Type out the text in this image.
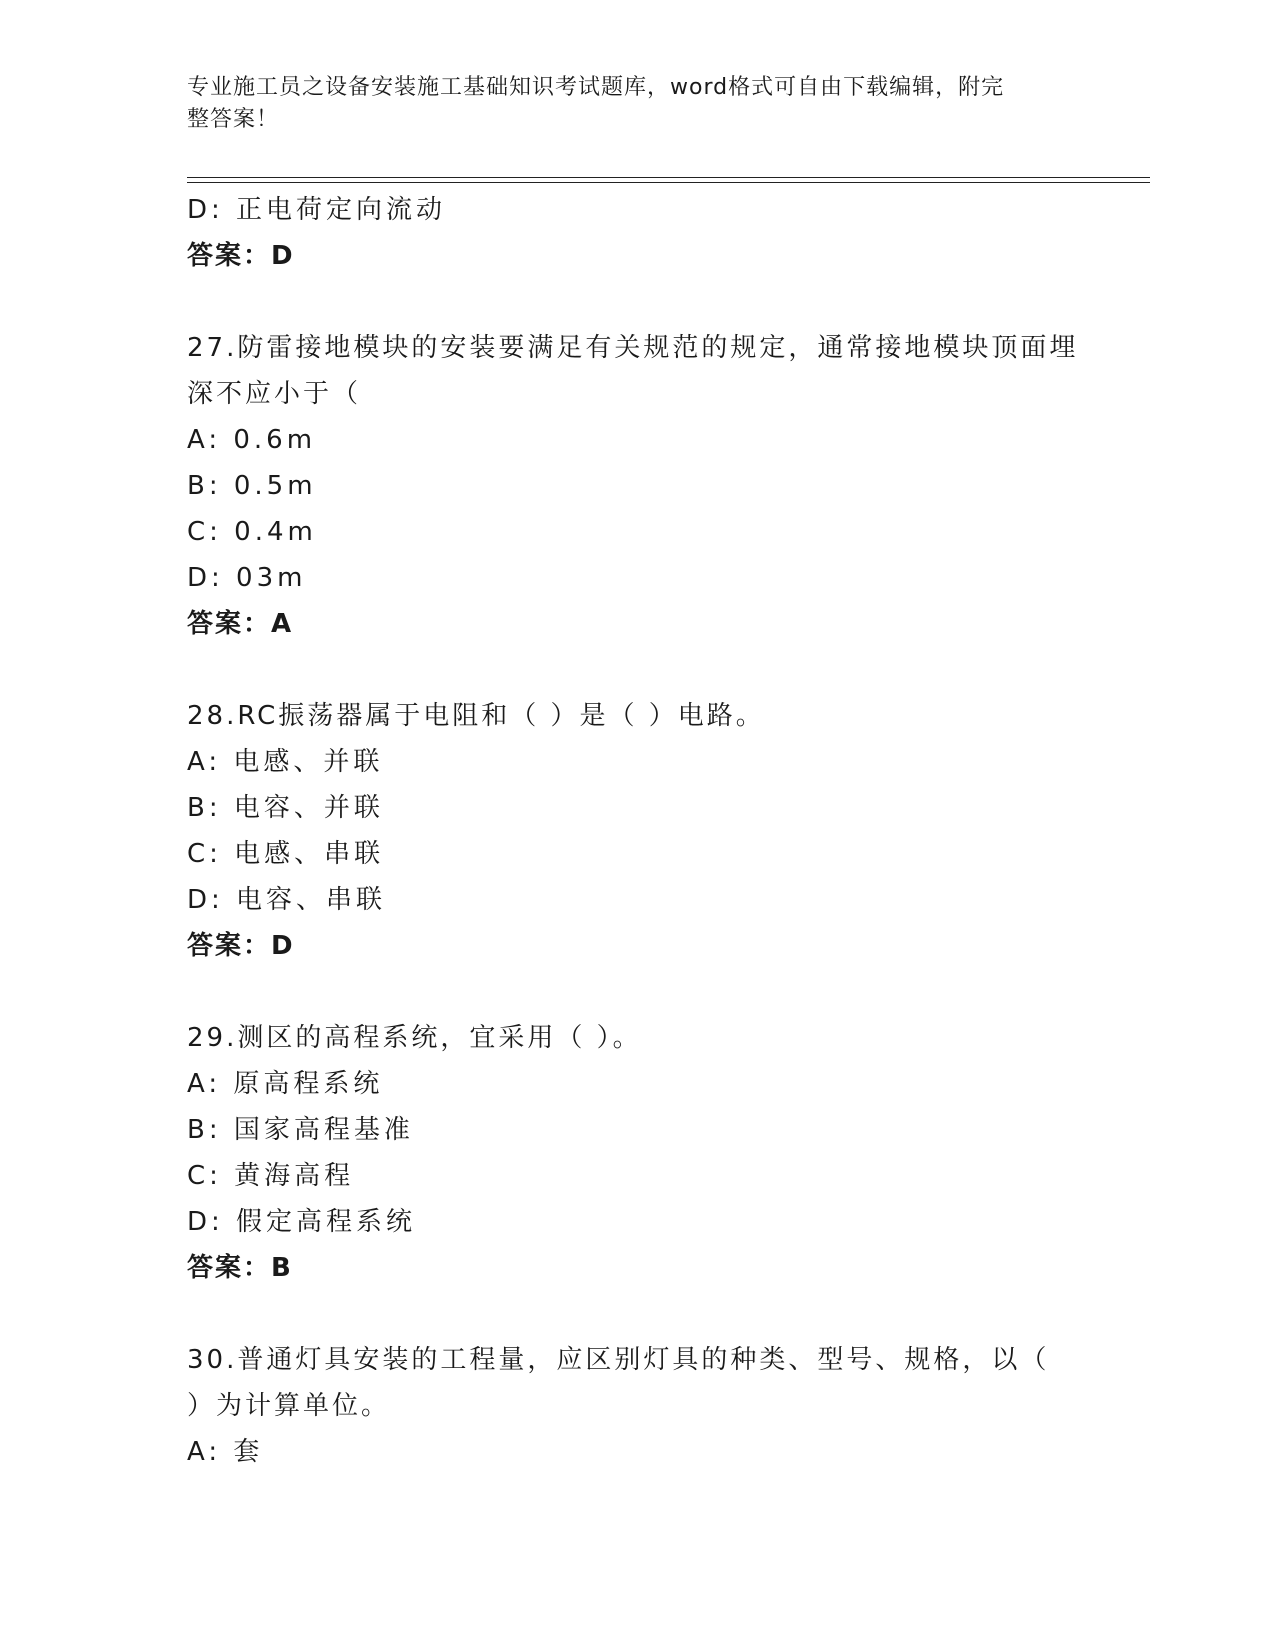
专业施工员之设备安装施工基础知识考试题库，word格式可自由下载编辑，附完
整答案！
D: 正电荷定向流动
答案：D
27.防雷接地模块的安装要满足有关规范的规定，通常接地模块顶面埋
深不应小于（
A: 0.6m
B: 0.5m
C: 0.4m
D: 03m
答案：A
28.RC振荡器属于电阻和（ ）是（ ）电路。
A: 电感、并联
B: 电容、并联
C: 电感、串联
D: 电容、串联
答案：D
29.测区的高程系统，宜采用（ ）。
A: 原高程系统
B: 国家高程基准
C: 黄海高程
D: 假定高程系统
答案：B
30.普通灯具安装的工程量，应区别灯具的种类、型号、规格，以（
）为计算单位。
A: 套
